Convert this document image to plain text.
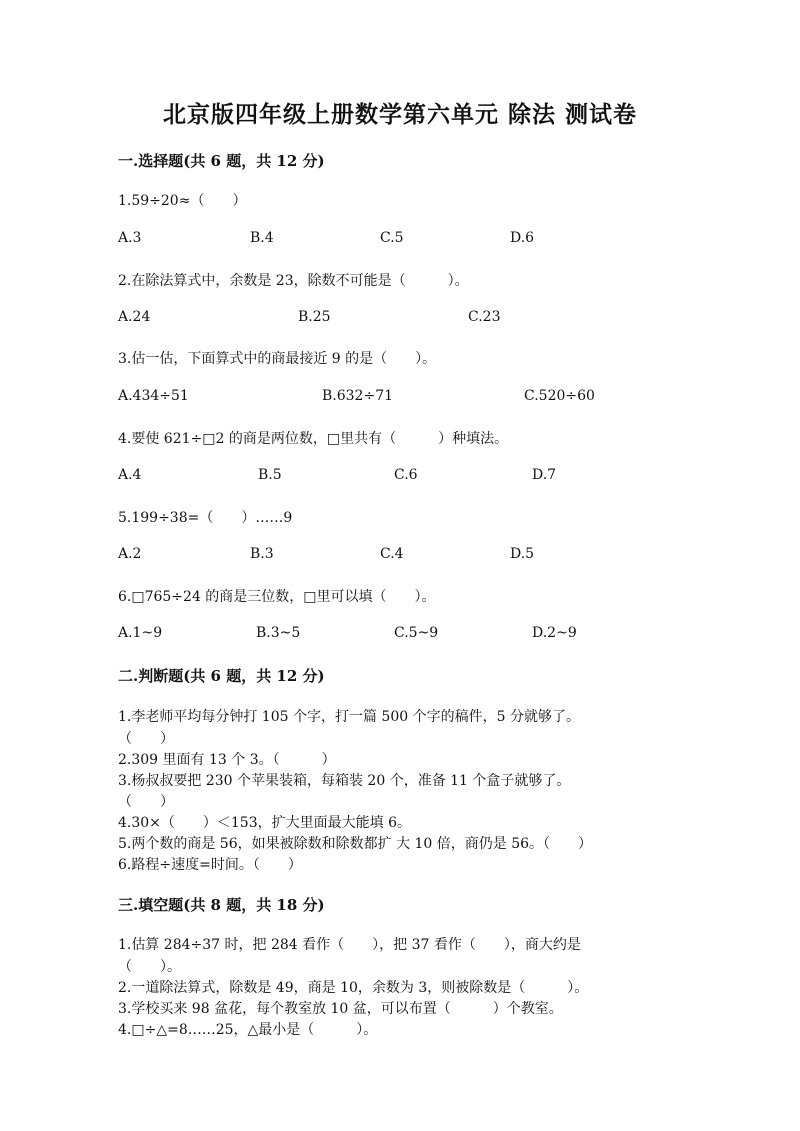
北京版四年级上册数学第六单元 除法 测试卷
一.选择题(共 6 题，共 12 分)
1.59÷20≈（　　）
A.3	B.4	C.5	D.6
2.在除法算式中，余数是 23，除数不可能是（　　　）。
A.24	B.25	C.23
3.估一估，下面算式中的商最接近 9 的是（　　）。
A.434÷51	B.632÷71	C.520÷60
4.要使 621÷□2 的商是两位数，□里共有（　　　）种填法。
A.4	B.5	C.6	D.7
5.199÷38=（　　）……9
A.2	B.3	C.4	D.5
6.□765÷24 的商是三位数，□里可以填（　　）。
A.1~9	B.3~5	C.5~9	D.2~9
二.判断题(共 6 题，共 12 分)
1.李老师平均每分钟打 105 个字，打一篇 500 个字的稿件，5 分就够了。
（　　）
2.309 里面有 13 个 3。（　　　）
3.杨叔叔要把 230 个苹果装箱，每箱装 20 个，准备 11 个盒子就够了。
（　　）
4.30×（　　）＜153，扩大里面最大能填 6。
5.两个数的商是 56，如果被除数和除数都扩 大 10 倍，商仍是 56。（　　）
6.路程÷速度=时间。（　　）
三.填空题(共 8 题，共 18 分)
1.估算 284÷37 时，把 284 看作（　　），把 37 看作（　　），商大约是
（　　）。
2.一道除法算式，除数是 49，商是 10，余数为 3，则被除数是（　　　）。
3.学校买来 98 盆花，每个教室放 10 盆，可以布置（　　　）个教室。
4.□÷△=8……25，△最小是（　　　）。
